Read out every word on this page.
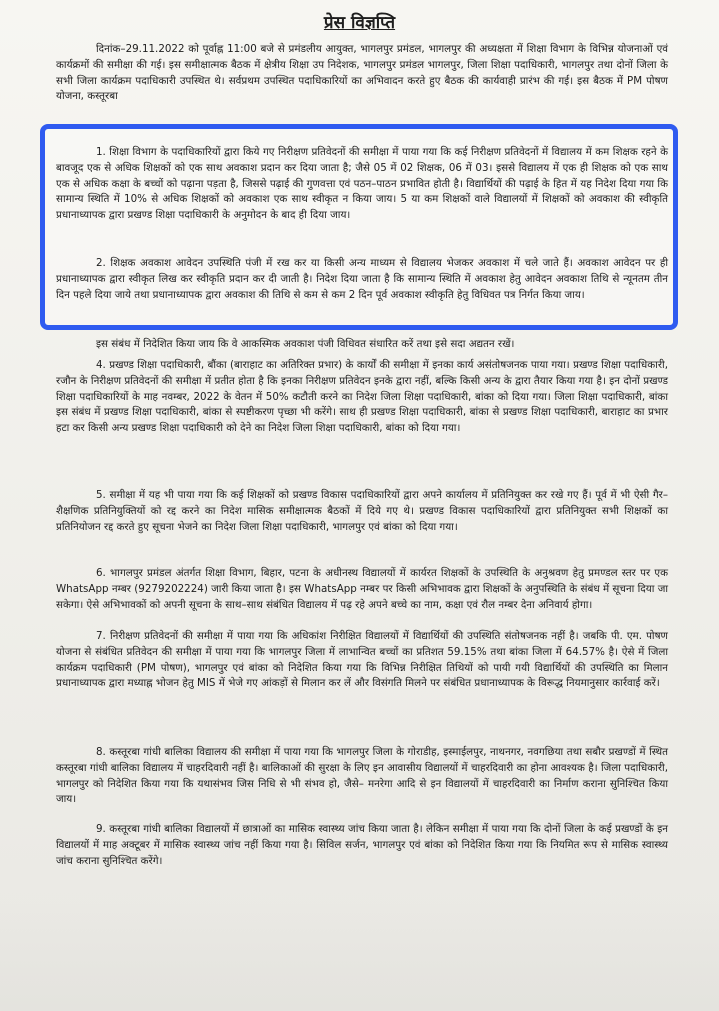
प्रेस विज्ञप्ति

दिनांक–29.11.2022 को पूर्वाह्न 11:00 बजे से प्रमंडलीय आयुक्त, भागलपुर प्रमंडल, भागलपुर की अध्यक्षता में शिक्षा विभाग के विभिन्न योजनाओं एवं कार्यक्रमों की समीक्षा की गई। इस समीक्षात्मक बैठक में क्षेत्रीय शिक्षा उप निदेशक, भागलपुर प्रमंडल भागलपुर, जिला शिक्षा पदाधिकारी, भागलपुर तथा दोनों जिला के सभी जिला कार्यक्रम पदाधिकारी उपस्थित थे। सर्वप्रथम उपस्थित पदाधिकारियों का अभिवादन करते हुए बैठक की कार्यवाही प्रारंभ की गई। इस बैठक में PM पोषण योजना, कस्तूरबा

1. शिक्षा विभाग के पदाधिकारियों द्वारा किये गए निरीक्षण प्रतिवेदनों की समीक्षा में पाया गया कि कई निरीक्षण प्रतिवेदनों में विद्यालय में कम शिक्षक रहने के बावजूद एक से अधिक शिक्षकों को एक साथ अवकाश प्रदान कर दिया जाता है; जैसे 05 में 02 शिक्षक, 06 में 03। इससे विद्यालय में एक ही शिक्षक को एक साथ एक से अधिक कक्षा के बच्चों को पढ़ाना पड़ता है, जिससे पढ़ाई की गुणवत्ता एवं पठन–पाठन प्रभावित होती है। विद्यार्थियों की पढ़ाई के हित में यह निदेश दिया गया कि सामान्य स्थिति में 10% से अधिक शिक्षकों को अवकाश एक साथ स्वीकृत न किया जाय। 5 या कम शिक्षकों वाले विद्यालयों में शिक्षकों को अवकाश की स्वीकृति प्रधानाध्यापक द्वारा प्रखण्ड शिक्षा पदाधिकारी के अनुमोदन के बाद ही दिया जाय।

2. शिक्षक अवकाश आवेदन उपस्थिति पंजी में रख कर या किसी अन्य माध्यम से विद्यालय भेजकर अवकाश में चले जाते हैं। अवकाश आवेदन पर ही प्रधानाध्यापक द्वारा स्वीकृत लिख कर स्वीकृति प्रदान कर दी जाती है। निदेश दिया जाता है कि सामान्य स्थिति में अवकाश हेतु आवेदन अवकाश तिथि से न्यूनतम तीन दिन पहले दिया जाये तथा प्रधानाध्यापक द्वारा अवकाश की तिथि से कम से कम 2 दिन पूर्व अवकाश स्वीकृति हेतु विधिवत पत्र निर्गत किया जाय।

इस संबंध में निदेशित किया जाय कि वे आकस्मिक अवकाश पंजी विधिवत संधारित करें तथा इसे सदा अद्यतन रखें।

4. प्रखण्ड शिक्षा पदाधिकारी, बौंका (बाराहाट का अतिरिक्त प्रभार) के कार्यों की समीक्षा में इनका कार्य असंतोषजनक पाया गया। प्रखण्ड शिक्षा पदाधिकारी, रजौन के निरीक्षण प्रतिवेदनों की समीक्षा में प्रतीत होता है कि इनका निरीक्षण प्रतिवेदन इनके द्वारा नहीं, बल्कि किसी अन्य के द्वारा तैयार किया गया है। इन दोनों प्रखण्ड शिक्षा पदाधिकारियों के माह नवम्बर, 2022 के वेतन में 50% कटौती करने का निदेश जिला शिक्षा पदाधिकारी, बांका को दिया गया। जिला शिक्षा पदाधिकारी, बांका इस संबंध में प्रखण्ड शिक्षा पदाधिकारी, बांका से स्पष्टीकरण पृच्छा भी करेंगे। साथ ही प्रखण्ड शिक्षा पदाधिकारी, बांका से प्रखण्ड शिक्षा पदाधिकारी, बाराहाट का प्रभार हटा कर किसी अन्य प्रखण्ड शिक्षा पदाधिकारी को देने का निदेश जिला शिक्षा पदाधिकारी, बांका को दिया गया।

5. समीक्षा में यह भी पाया गया कि कई शिक्षकों को प्रखण्ड विकास पदाधिकारियों द्वारा अपने कार्यालय में प्रतिनियुक्त कर रखे गए हैं। पूर्व में भी ऐसी गैर–शैक्षणिक प्रतिनियुक्तियों को रद्द करने का निदेश मासिक समीक्षात्मक बैठकों में दिये गए थे। प्रखण्ड विकास पदाधिकारियों द्वारा प्रतिनियुक्त सभी शिक्षकों का प्रतिनियोजन रद्द करते हुए सूचना भेजने का निदेश जिला शिक्षा पदाधिकारी, भागलपुर एवं बांका को दिया गया।

6. भागलपुर प्रमंडल अंतर्गत शिक्षा विभाग, बिहार, पटना के अधीनस्थ विद्यालयों में कार्यरत शिक्षकों के उपस्थिति के अनुश्रवण हेतु प्रमण्डल स्तर पर एक WhatsApp नम्बर (9279202224) जारी किया जाता है। इस WhatsApp नम्बर पर किसी अभिभावक द्वारा शिक्षकों के अनुपस्थिति के संबंध में सूचना दिया जा सकेगा। ऐसे अभिभावकों को अपनी सूचना के साथ–साथ संबंधित विद्यालय में पढ़ रहे अपने बच्चे का नाम, कक्षा एवं रौल नम्बर देना अनिवार्य होगा।

7. निरीक्षण प्रतिवेदनों की समीक्षा में पाया गया कि अधिकांश निरीक्षित विद्यालयों में विद्यार्थियों की उपस्थिति संतोषजनक नहीं है। जबकि पी. एम. पोषण योजना से संबंधित प्रतिवेदन की समीक्षा में पाया गया कि भागलपुर जिला में लाभान्वित बच्चों का प्रतिशत 59.15% तथा बांका जिला में 64.57% है। ऐसे में जिला कार्यक्रम पदाधिकारी (PM पोषण), भागलपुर एवं बांका को निदेशित किया गया कि विभिन्न निरीक्षित तिथियों को पायी गयी विद्यार्थियों की उपस्थिति का मिलान प्रधानाध्यापक द्वारा मध्याह्न भोजन हेतु MIS में भेजे गए आंकड़ों से मिलान कर लें और विसंगति मिलने पर संबंधित प्रधानाध्यापक के विरूद्ध नियमानुसार कार्रवाई करें।

8. कस्तूरबा गांधी बालिका विद्यालय की समीक्षा में पाया गया कि भागलपुर जिला के गोराडीह, इस्माईलपुर, नाथनगर, नवगछिया तथा सबौर प्रखण्डों में स्थित कस्तूरबा गांधी बालिका विद्यालय में चाहरदिवारी नहीं है। बालिकाओं की सुरक्षा के लिए इन आवासीय विद्यालयों में चाहरदिवारी का होना आवश्यक है। जिला पदाधिकारी, भागलपुर को निदेशित किया गया कि यथासंभव जिस निधि से भी संभव हो, जैसे– मनरेगा आदि से इन विद्यालयों में चाहरदिवारी का निर्माण कराना सुनिश्चित किया जाय।

9. कस्तूरबा गांधी बालिका विद्यालयों में छात्राओं का मासिक स्वास्थ्य जांच किया जाता है। लेकिन समीक्षा में पाया गया कि दोनों जिला के कई प्रखण्डों के इन विद्यालयों में माह अक्टूबर में मासिक स्वास्थ्य जांच नहीं किया गया है। सिविल सर्जन, भागलपुर एवं बांका को निदेशित किया गया कि नियमित रूप से मासिक स्वास्थ्य जांच कराना सुनिश्चित करेंगे।
